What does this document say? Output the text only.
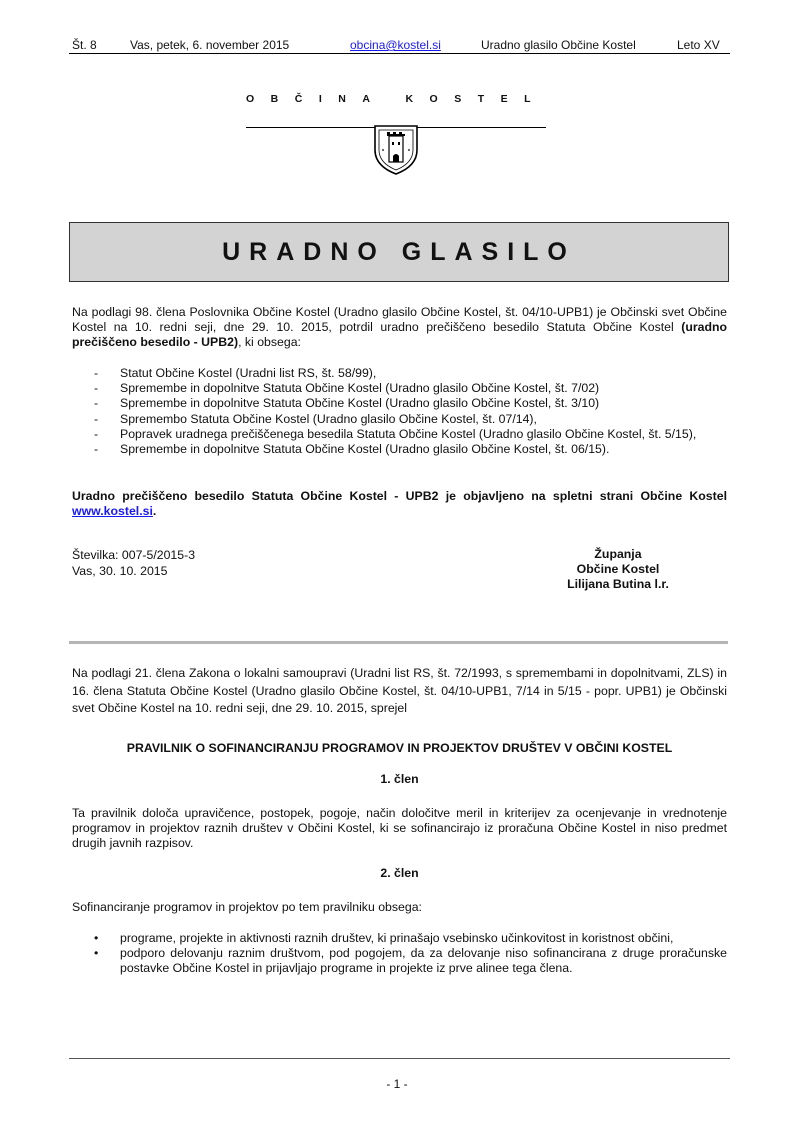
Št. 8	Vas, petek, 6. november 2015	obcina@kostel.si	Uradno glasilo Občine Kostel	Leto XV
OBČINA KOSTEL
URADNO GLASILO
Na podlagi 98. člena Poslovnika Občine Kostel (Uradno glasilo Občine Kostel, št. 04/10-UPB1) je Občinski svet Občine Kostel na 10. redni seji, dne 29. 10. 2015, potrdil uradno prečiščeno besedilo Statuta Občine Kostel (uradno prečiščeno besedilo - UPB2), ki obsega:
- Statut Občine Kostel (Uradni list RS, št. 58/99),
- Spremembe in dopolnitve Statuta Občine Kostel (Uradno glasilo Občine Kostel, št. 7/02)
- Spremembe in dopolnitve Statuta Občine Kostel (Uradno glasilo Občine Kostel, št. 3/10)
- Spremembo Statuta Občine Kostel (Uradno glasilo Občine Kostel, št. 07/14),
- Popravek uradnega prečiščenega besedila Statuta Občine Kostel (Uradno glasilo Občine Kostel, št. 5/15),
- Spremembe in dopolnitve Statuta Občine Kostel (Uradno glasilo Občine Kostel, št. 06/15).
Uradno prečiščeno besedilo Statuta Občine Kostel - UPB2 je objavljeno na spletni strani Občine Kostel www.kostel.si.
Številka: 007-5/2015-3
Vas, 30. 10. 2015
Županja
Občine Kostel
Lilijana Butina l.r.
Na podlagi 21. člena Zakona o lokalni samoupravi (Uradni list RS, št. 72/1993, s spremembami in dopolnitvami, ZLS) in 16. člena Statuta Občine Kostel (Uradno glasilo Občine Kostel, št. 04/10-UPB1, 7/14 in 5/15 - popr. UPB1) je Občinski svet Občine Kostel na 10. redni seji, dne 29. 10. 2015, sprejel
PRAVILNIK O SOFINANCIRANJU PROGRAMOV IN PROJEKTOV DRUŠTEV V OBČINI KOSTEL
1. člen
Ta pravilnik določa upravičence, postopek, pogoje, način določitve meril in kriterijev za ocenjevanje in vrednotenje programov in projektov raznih društev v Občini Kostel, ki se sofinancirajo iz proračuna Občine Kostel in niso predmet drugih javnih razpisov.
2. člen
Sofinanciranje programov in projektov po tem pravilniku obsega:
• programe, projekte in aktivnosti raznih društev, ki prinašajo vsebinsko učinkovitost in koristnost občini,
• podporo delovanju raznim društvom, pod pogojem, da za delovanje niso sofinancirana z druge proračunske postavke Občine Kostel in prijavljajo programe in projekte iz prve alinee tega člena.
- 1 -
